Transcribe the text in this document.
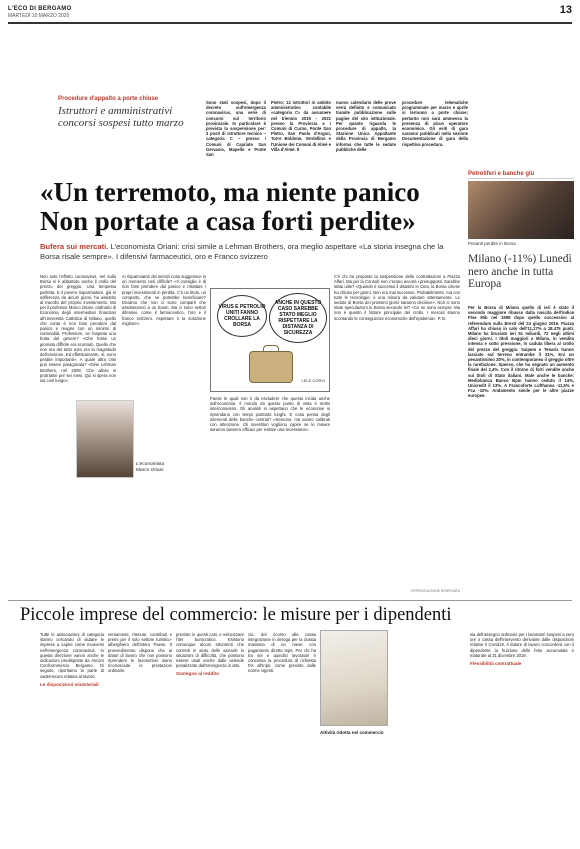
L'ECO DI BERGAMO
MARTEDÌ 10 MARZO 2020	13
Procedure d'appalto a porte chiuse
Istruttori e amministrativi concorsi sospesi tutto marzo
Sono stati sospesi, dopo il decreto sull'emergenza coronavirus, una serie di concorsi sul territorio provinciale. In particolare è prevista la sospensione per: 3 posti di istruttore tecnico – categoria C – presso i Comuni di Capriate San Gervasio, Mapello e Ponte San
Pietro; 12 istruttori in ambito amministrativo contabile «categoria C» da assumere nel triennio 2019 - 2021 presso la Provincia e i Comuni di Curno, Ponte San Pietro, San Paolo d'Argon, Torre Boldone, Verdellino e l'Unione dei Comuni di Almè e Villa d'Almè. Il
nuovo calendario delle prove verrà definito e comunicato tramite pubblicazione sulle pagine del sito istituzionale. Per quanto riguarda le procedure di appalto, la Stazione Unica Appaltante della Provincia di Bergamo informa che tutte le sedute pubbliche delle
procedure telematiche programmate per marzo e aprile si terranno a porte chiuse; pertanto non sarà ammessa la presenza di alcun operatore economico. Gli esiti di gara saranno pubblicati nella sezione Documentazione di gara della rispettiva procedura.
Petroliferi e banche giù
Pesanti perdite in Borsa
Milano (-11%) Lunedì nero anche in tutta Europa
Per la Borsa di Milano quello di ieri è stato il secondo maggiore ribasso dalla nascita dell'indice Ftse Mib nel 1998 dopo quello successivo al referendum sulla Brexit del 24 giugno 2016. Piazza Affari ha chiuso in calo dell'11,17% a 18.475 punti. Milano ha bruciato ieri 51 miliardi, 72 negli ultimi dieci giorni. I titoli maggiori a Milano, in vendita intensa e sotto pressione, in caduta libera al crollo del prezzo del greggio. Saipem e Tenaris hanno lasciato sul terreno entrambe il 21%, Eni un pesantissimo 20%, in contemporanea il greggio oltre la rarefazione. Spesso, che ha segnato un aumento finale del 2,4%. Con il ritorno di forti vendite anche sui titoli di Stato italiani. Male anche le banche: Mediobanca Banco Bpm hanno ceduto il 14%, Unicredit il 13%. A Francoforte Lufthansa -11,5% e Fca -10%. Andamento simile per le altre piazze europee.
«Un terremoto, ma niente panico Non portate a casa forti perdite»
Bufera sui mercati. L'economista Oriani: crisi simile a Lehman Brothers, ora meglio aspettare «La storia insegna che la Borsa risale sempre». I difensivi farmaceutici, oro e Franco svizzero
Non solo l'effetto coronavirus. Ieri sulla Borsa si è abbattuto anche il crollo del prezzo del greggio. Una tempesta perfetta. E il povero risparmiatore, già in sofferenza da alcuni giorni, ha assistito al tracollo del proprio investimento. Ma per il professor Marco Oriani, ordinario di Economia degli intermediari finanziari all'Università Cattolica di Milano, quello che conta è non farsi prendere dal panico e reagire con un minimo di razionalità. Professore, se l'aspetta una botta del genere? «Che fosse un giornata difficile era scontato. Quello che non era del tutto noto era la magnitudo dell'erosione. Ed effettivamente, sì, sono perdite importanti». A quale altra crisi può essere paragonata? «Direi Lehman Brothers, nel 2008. Che allora si protrasse per sei mesi. Qui si spera non sia così lungo».
Ai risparmiatori dei servizi cosa suggerisce in un momento così difficile? «Il consiglio è di non farsi prendere dal panico e ritrattare i propri investimenti in perdita. C'è un titolo, un comparto, che ne potrebbe beneficiare? Diciamo che non ci sono comparti che assisteranno a un boom. Ma ci sono settori difensivi, come il farmaceutico, l'oro e il franco svizzero. Aspettare è la soluzione migliore».
Paese le quali non è da escludere che questo incida anche sull'economia. Il mondo da questo punto di vista è molto interconnesso. Gli analisti si aspettano che le economie si riprendano con tempi piuttosto lunghi. E cosa pensa degli interventi delle banche centrali? «Servono, ma vanno calibrati con attenzione. Gli investitori vogliono capire se le misure saranno davvero efficaci per evitare una recessione».
C'è chi ha proposto la sospensione delle contrattazioni a Piazza Affari. Ma per la Consob non c'erano ancora i presupposti. Sarebbe stata utile? «Quando è successo il disastro in Cina, la Borsa cinese ha chiuso per giorni. Non era mai successo. Probabilmente, ma con tutte le tecnologie, è una misura da valutare attentamente. Le sedute di Borsa dei prossimi giorni saranno decisive». Non ci sono state speculazioni in Borsa secondo lei? «Ce ne sono sempre. Ma non è questo il fattore principale del crollo. I mercati stanno scontando le conseguenze economiche dell'epidemia». P. B.
©RIPRODUZIONE RISERVATA
L'economista
Marco Oriani
VIRUS E PETROLIO UNITI FANNO CROLLARE LA BORSA
ANCHE IN QUESTO CASO SAREBBE STATO MEGLIO RISPETTARE LA DISTANZA DI SICUREZZA
LELE CORVI
Piccole imprese del commercio: le misure per i dipendenti

Tutte le associazioni di categoria stanno cercando di aiutare le imprese a capire come muoversi nell'emergenza coronavirus. In questa direzione vanno anche le indicazioni predisposte da Ascom Confcommercio Bergamo. Di seguito, riportiamo la parte di vademecum relativa al lavoro.

Le disposizioni ministeriali
versamenti, ritenute, contributi e premi per il solo settore turistico-alberghiero dell'intero Paese. Il provvedimento dispone che ai datori di lavoro che non possono riprendere le lavorazioni siano riconosciute le prestazioni ordinarie.

previste in questi casi, e velocizzare l'iter burocratico. Esistono comunque alcuni strumenti che correnti in aiuto delle aziende in situazioni di difficoltà, che possono essere usati anche dalle aziende penalizzate dall'emergenza in atto.

Sostegno al reddito
zio, del ricorso alla cassa integrazione in deroga per la durata massima di un mese con pagamento diretto Inps. Per chi ha tra sei e quindici lavoratori è concessa la procedura di richiesta Fis all'Inps, come previsto dalle norme vigenti.
Attività ridotta nel commercio

sia dell'assegno ordinario per i lavoratori sospesi a zero ore o cassa dell'intervento derivante dalle disposizioni relative il Covid19. Il datore di lavoro concorderà con il dipendente la fruizione delle ferie accumulate e maturate al 31 dicembre 2019.

Flessibilità contrattuale
